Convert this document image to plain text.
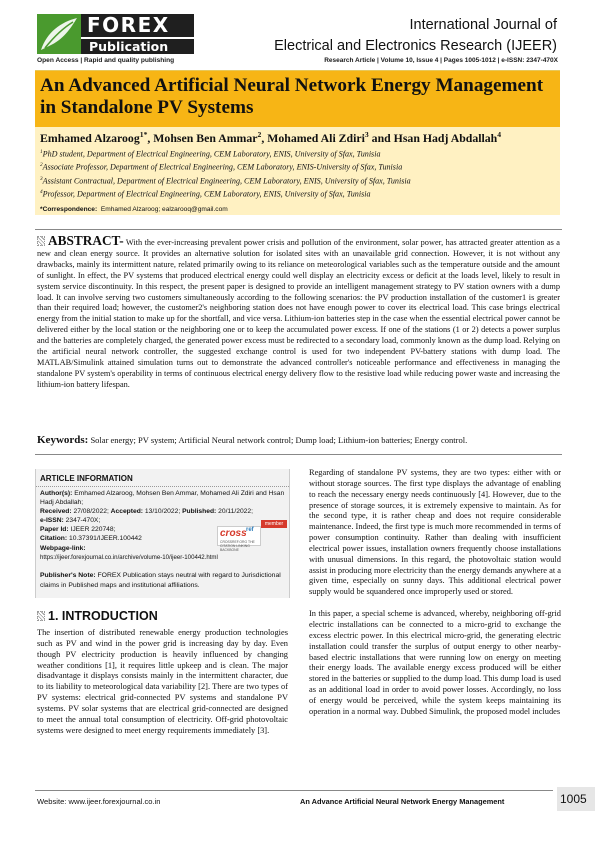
FOREX
Publication
Open Access | Rapid and quality publishing
International Journal of
Electrical and Electronics Research (IJEER)
Research Article | Volume 10, Issue 4 | Pages 1005-1012 | e-ISSN: 2347-470X
An Advanced Artificial Neural Network Energy Management in Standalone PV Systems
Emhamed Alzaroog$^{1*}$, Mohsen Ben Ammar$^2$, Mohamed Ali Zdiri$^3$ and Hsan Hadj Abdallah$^4$
$^1$PhD student, Department of Electrical Engineering, CEM Laboratory, ENIS, University of Sfax, Tunisia
$^2$Associate Professor, Department of Electrical Engineering, CEM Laboratory, ENIS-University of Sfax, Tunisia
$^3$Assistant Contractual, Department of Electrical Engineering, CEM Laboratory, ENIS, University of Sfax, Tunisia
$^4$Professor, Department of Electrical Engineering, CEM Laboratory, ENIS, University of Sfax, Tunisia
*Correspondence: Emhamed Alzaroog; ealzarooq@gmail.com
ABSTRACT- With the ever-increasing prevalent power crisis and pollution of the environment, solar power, has attracted greater attention as a new and clean energy source. It provides an alternative solution for isolated sites with an unavailable grid connection. However, it is not without any drawbacks, mainly its intermittent nature, related primarily owing to its reliance on meteorological variables such as the temperature outside and the amount of sunlight. In effect, the PV systems that produced electrical energy could well display an electricity excess or deficit at the loads level, likely to result in system service discontinuity. In this respect, the present paper is designed to provide an intelligent management strategy to PV station owners with a dump load. It can involve serving two customers simultaneously according to the following scenarios: the PV production installation of the customer1 is greater than their required load; however, the customer2's neighboring station does not have enough power to cover its electrical load. This case brings electrical energy from the initial station to make up for the shortfall, and vice versa. Lithium-ion batteries step in the case when the essential electrical power cannot be delivered either by the local station or the neighboring one or to keep the accumulated power excess. If one of the stations (1 or 2) detects a power surplus and the batteries are completely charged, the generated power excess must be redirected to a secondary load, commonly known as the dump load. Relying on the artificial neural network controller, the suggested exchange control is used for two independent PV-battery stations with dump load. The MATLAB/Simulink attained simulation turns out to demonstrate the advanced controller's noticeable performance and effectiveness in managing the standalone PV system's operability in terms of continuous electrical energy delivery flow to the resistive load while reducing power waste and increasing the lithium-ion battery lifespan.
Keywords: Solar energy; PV system; Artificial Neural network control; Dump load; Lithium-ion batteries; Energy control.
ARTICLE INFORMATION
Author(s): Emhamed Alzaroog, Mohsen Ben Ammar, Mohamed Ali Zdiri and Hsan Hadj Abdallah;
Received: 27/08/2022; Accepted: 13/10/2022; Published: 20/11/2022;
e-ISSN: 2347-470X;
Paper Id: IJEER 220748;
Citation: 10.37391/IJEER.100442
Webpage-link:
https://ijeer.forexjournal.co.in/archive/volume-10/ijeer-100442.html
member
cross ref
CROSSREF.ORG THE CITATION LINKING BACKBONE
Publisher's Note: FOREX Publication stays neutral with regard to Jurisdictional claims in Published maps and institutional affiliations.
1. INTRODUCTION

The insertion of distributed renewable energy production technologies such as PV and wind in the power grid is increasing day by day. Even though PV electricity production is heavily influenced by changing weather conditions [1], it requires little upkeep and is clean. The major disadvantage it displays consists mainly in the intermittent character, due to its liability to meteorological data variability [2]. There are two types of PV systems: electrical grid-connected PV systems and standalone PV systems. PV solar systems that are electrical grid-connected are designed to meet the annual total consumption of electricity. Off-grid photovoltaic systems were designed to meet energy requirements immediately [3].

Regarding of standalone PV systems, they are two types: either with or without storage sources. The first type displays the advantage of enabling to reach the necessary energy needs continuously [4]. However, due to the presence of storage sources, it is extremely expensive to maintain. As for the second type, it is rather cheap and does not require considerable maintenance. Indeed, the first type is much more recommended in terms of power consumption continuity. Rather than dealing with insufficient electrical power issues, installation owners frequently choose installations with unusual dimensions. In this regard, the photovoltaic station would assist in producing more electricity than the energy demands anywhere at a given time, especially on sunny days. This additional electrical power supply would be squandered once improperly used or stored.

In this paper, a special scheme is advanced, whereby, neighboring off-grid electric installations can be connected to a micro-grid to exchange the excess electric power. In this electrical micro-grid, the generating electric installation could transfer the surplus of output energy to other nearby-based electric installations that were running low on energy on meeting their energy loads. The available energy excess produced will be either stored in the batteries or supplied to the dump load. This dump load is used as an additional load in order to avoid power losses. Accordingly, no loss of energy would be perceived, while the system keeps maintaining its operation in a normal way. Dubbed Simulink, the proposed model includes

Website: www.ijeer.forexjournal.co.in	An Advance Artificial Neural Network Energy Management	1005
